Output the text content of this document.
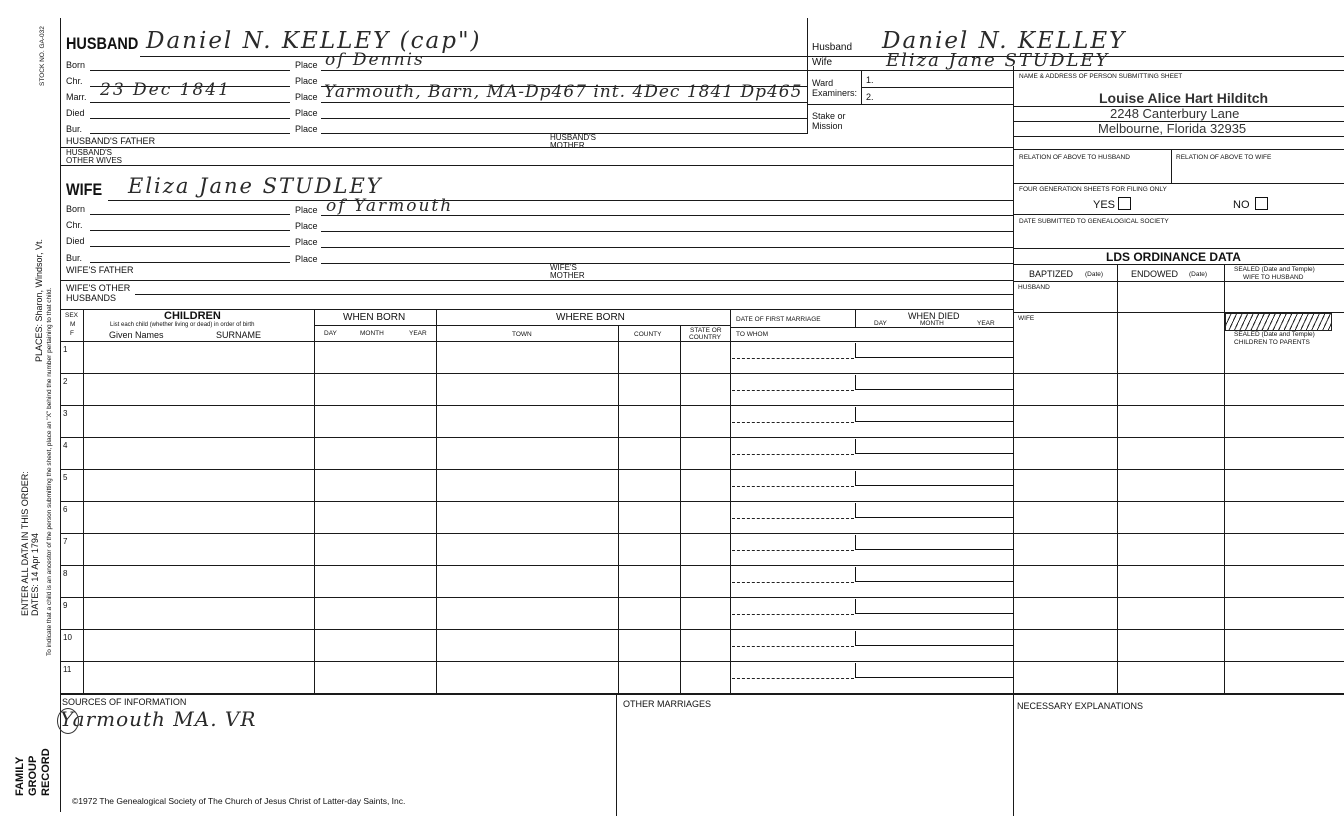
STOCK NO. GA-032
PLACES: Sharon, Windsor, Vt. To indicate that a child is an ancestor of the person submitting the sheet, place an "X" behind the number pertaining to that child.
ENTER ALL DATA IN THIS ORDER: DATES: 14 Apr 1794
FAMILY GROUP RECORD
HUSBAND Daniel N. KELLEY (cap")
Born	Place of Dennis
Chr.	Place
Marr. 23 Dec 1841	Place Yarmouth, Barn, MA-Dp467 int. 4Dec 1841 Dp465
Died	Place
Bur.	Place
HUSBAND'S FATHER	HUSBAND'S
MOTHER
HUSBAND'S
OTHER WIVES
WIFE Eliza Jane STUDLEY
Born	Place of Yarmouth
Chr.	Place
Died	Place
Bur.	Place
WIFE'S FATHER	WIFE'S
MOTHER
WIFE'S OTHER
HUSBANDS
Husband Daniel N. KELLEY
Wife	Eliza Jane STUDLEY
Ward
Examiners:
1.
2.
Stake or
Mission
NAME & ADDRESS OF PERSON SUBMITTING SHEET
Louise Alice Hart Hilditch
2248 Canterbury Lane
Melbourne, Florida 32935
RELATION OF ABOVE TO HUSBAND	RELATION OF ABOVE TO WIFE
FOUR GENERATION SHEETS FOR FILING ONLY
YES	NO
DATE SUBMITTED TO GENEALOGICAL SOCIETY
LDS ORDINANCE DATA
BAPTIZED (Date)	ENDOWED (Date)
SEALED (Date and Temple)
WIFE TO HUSBAND
HUSBAND
WIFE
SEALED (Date and Temple)
CHILDREN TO PARENTS
SEX
M
F
CHILDREN
List each child (whether living or dead) in order of birth
Given Names	SURNAME
WHEN BORN
DAY	MONTH	YEAR
WHERE BORN
TOWN	COUNTY
STATE OR
COUNTRY
DATE OF FIRST MARRIAGE
TO WHOM
WHEN DIED
DAY	MONTH	YEAR
1
2
3
4
5
6
7
8
9
10
11
SOURCES OF INFORMATION
Yarmouth MA. VR
OTHER MARRIAGES	NECESSARY EXPLANATIONS
©1972 The Genealogical Society of The Church of Jesus Christ of Latter-day Saints, Inc.
